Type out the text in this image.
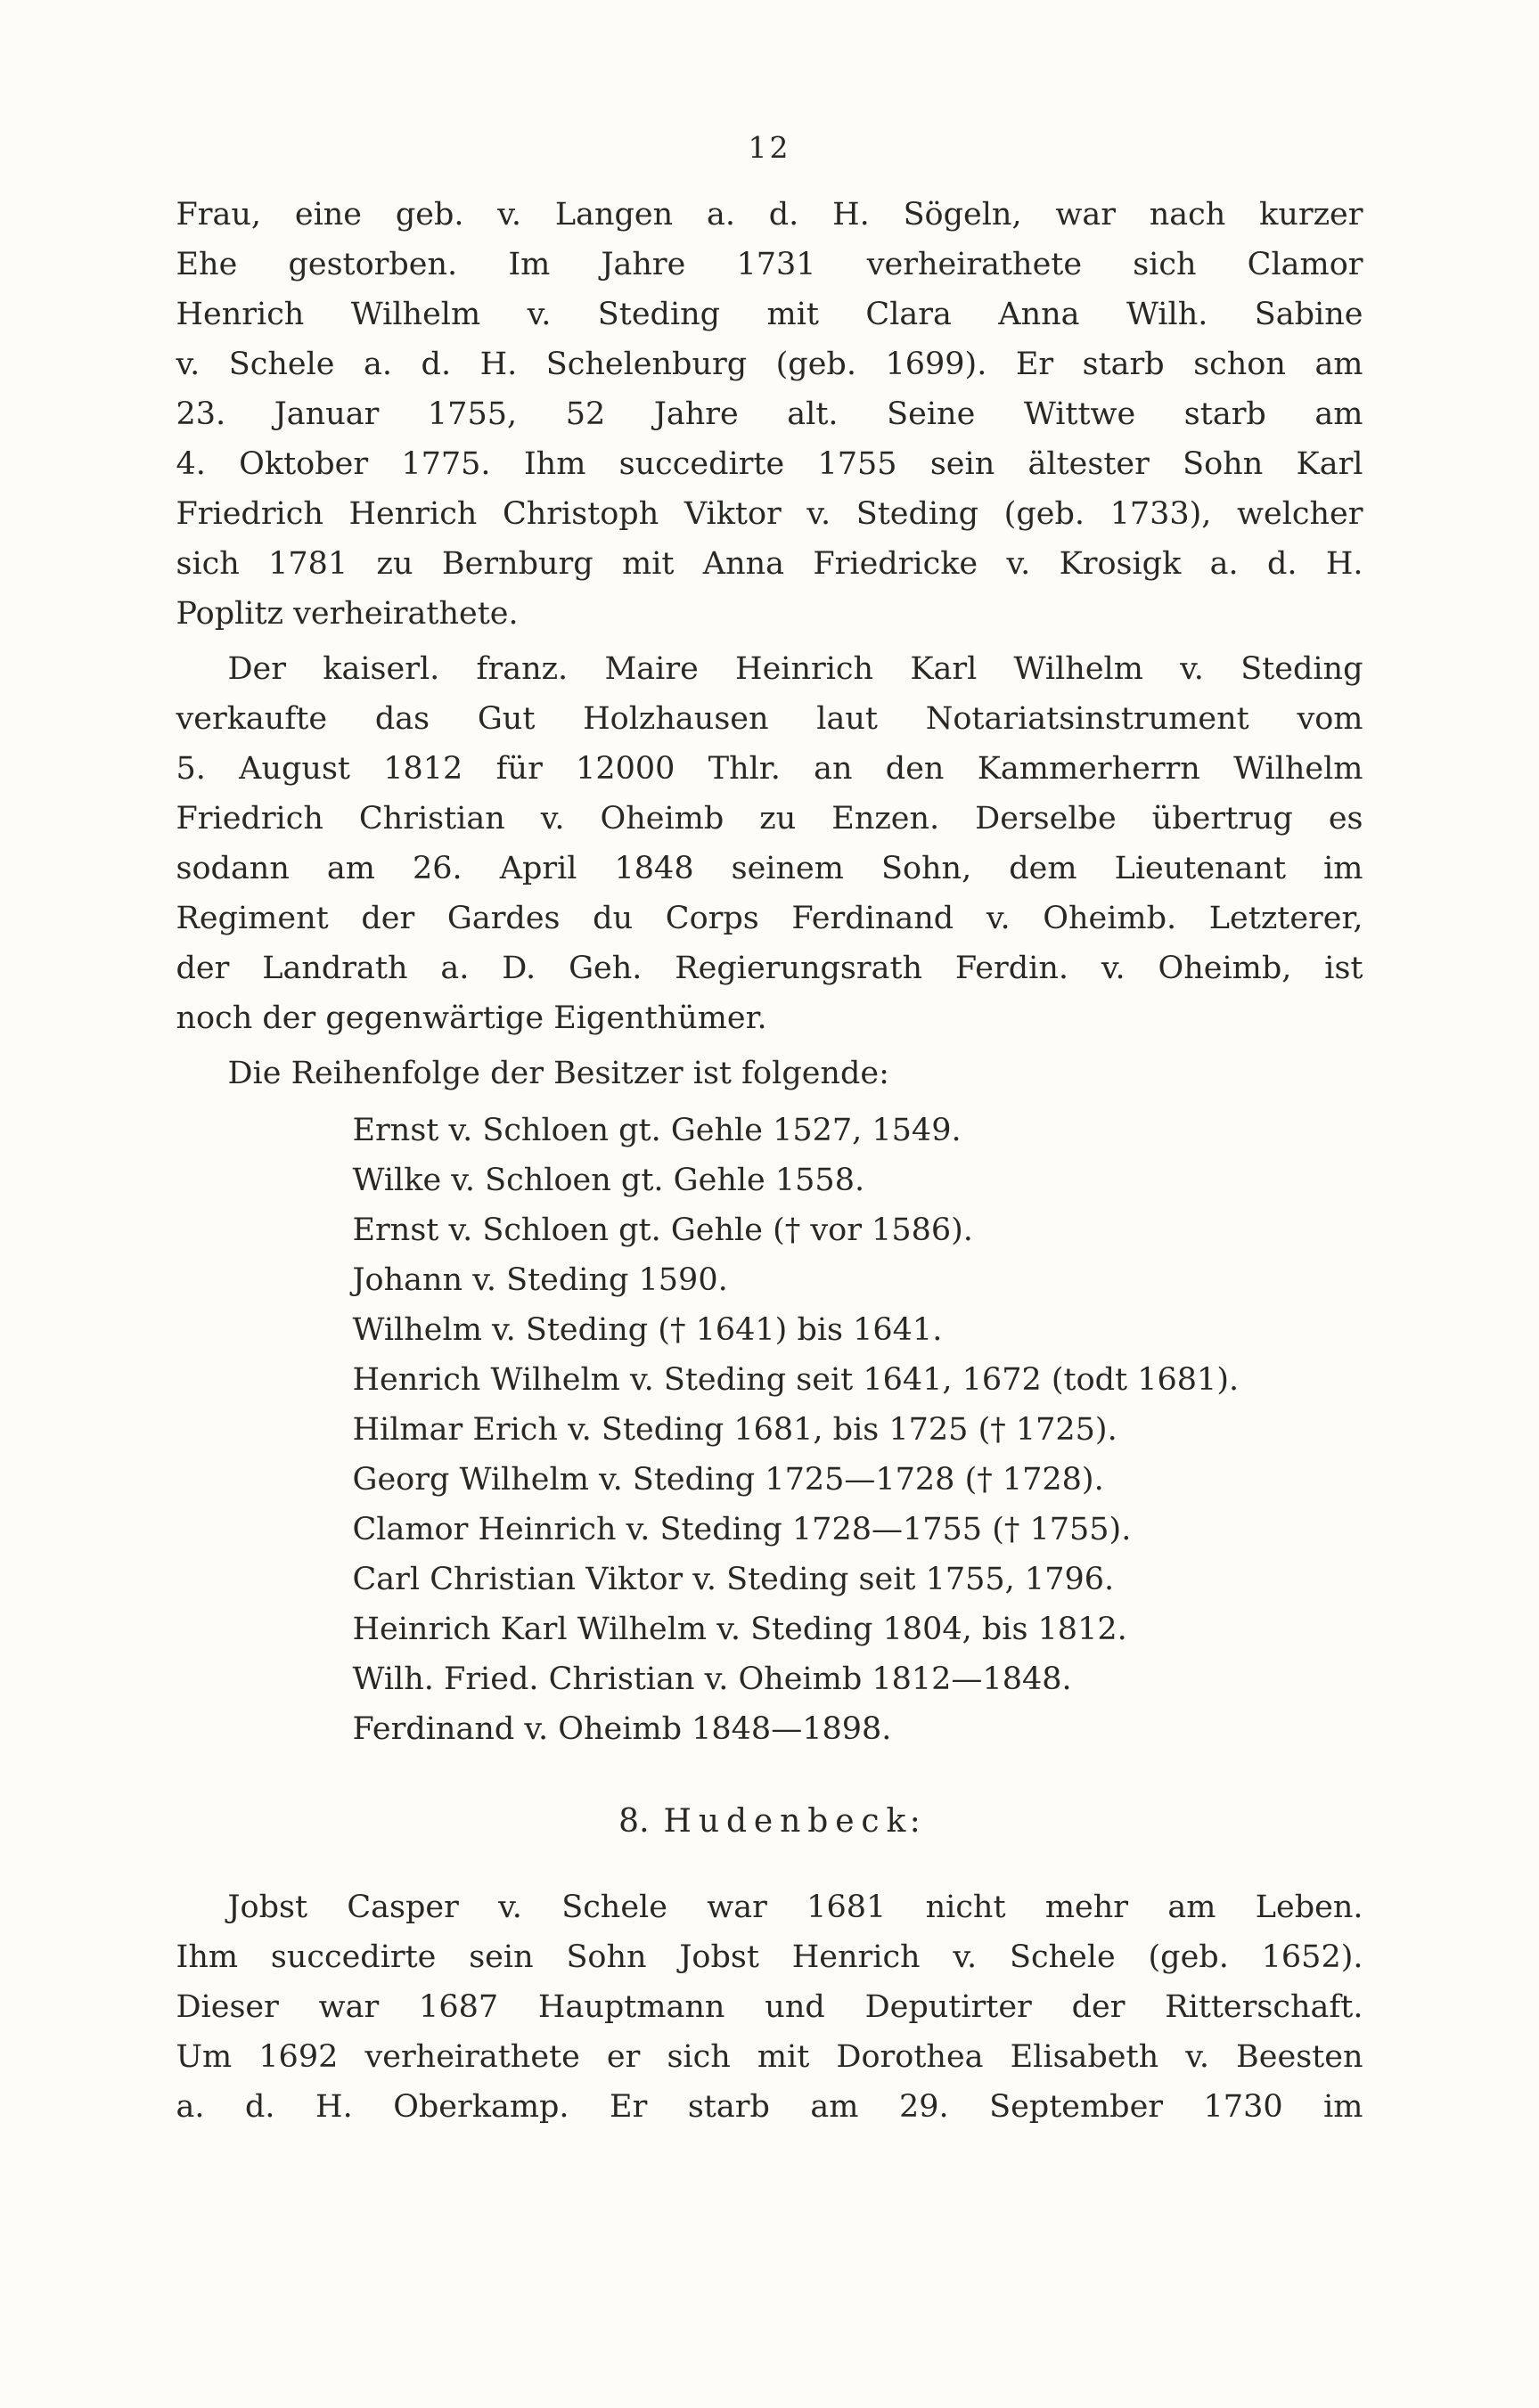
12
Frau, eine geb. v. Langen a. d. H. Sögeln, war nach kurzer
Ehe gestorben. Im Jahre 1731 verheirathete sich Clamor
Henrich Wilhelm v. Steding mit Clara Anna Wilh. Sabine
v. Schele a. d. H. Schelenburg (geb. 1699). Er starb schon am
23. Januar 1755, 52 Jahre alt. Seine Wittwe starb am
4. Oktober 1775. Ihm succedirte 1755 sein ältester Sohn Karl
Friedrich Henrich Christoph Viktor v. Steding (geb. 1733), welcher
sich 1781 zu Bernburg mit Anna Friedricke v. Krosigk a. d. H.
Poplitz verheirathete.
Der kaiserl. franz. Maire Heinrich Karl Wilhelm v. Steding
verkaufte das Gut Holzhausen laut Notariatsinstrument vom
5. August 1812 für 12000 Thlr. an den Kammerherrn Wilhelm
Friedrich Christian v. Oheimb zu Enzen. Derselbe übertrug es
sodann am 26. April 1848 seinem Sohn, dem Lieutenant im
Regiment der Gardes du Corps Ferdinand v. Oheimb. Letzterer,
der Landrath a. D. Geh. Regierungsrath Ferdin. v. Oheimb, ist
noch der gegenwärtige Eigenthümer.
Die Reihenfolge der Besitzer ist folgende:
Ernst v. Schloen gt. Gehle 1527, 1549.
Wilke v. Schloen gt. Gehle 1558.
Ernst v. Schloen gt. Gehle († vor 1586).
Johann v. Steding 1590.
Wilhelm v. Steding († 1641) bis 1641.
Henrich Wilhelm v. Steding seit 1641, 1672 (todt 1681).
Hilmar Erich v. Steding 1681, bis 1725 († 1725).
Georg Wilhelm v. Steding 1725—1728 († 1728).
Clamor Heinrich v. Steding 1728—1755 († 1755).
Carl Christian Viktor v. Steding seit 1755, 1796.
Heinrich Karl Wilhelm v. Steding 1804, bis 1812.
Wilh. Fried. Christian v. Oheimb 1812—1848.
Ferdinand v. Oheimb 1848—1898.
8. Hudenbeck:
Jobst Casper v. Schele war 1681 nicht mehr am Leben.
Ihm succedirte sein Sohn Jobst Henrich v. Schele (geb. 1652).
Dieser war 1687 Hauptmann und Deputirter der Ritterschaft.
Um 1692 verheirathete er sich mit Dorothea Elisabeth v. Beesten
a. d. H. Oberkamp. Er starb am 29. September 1730 im
